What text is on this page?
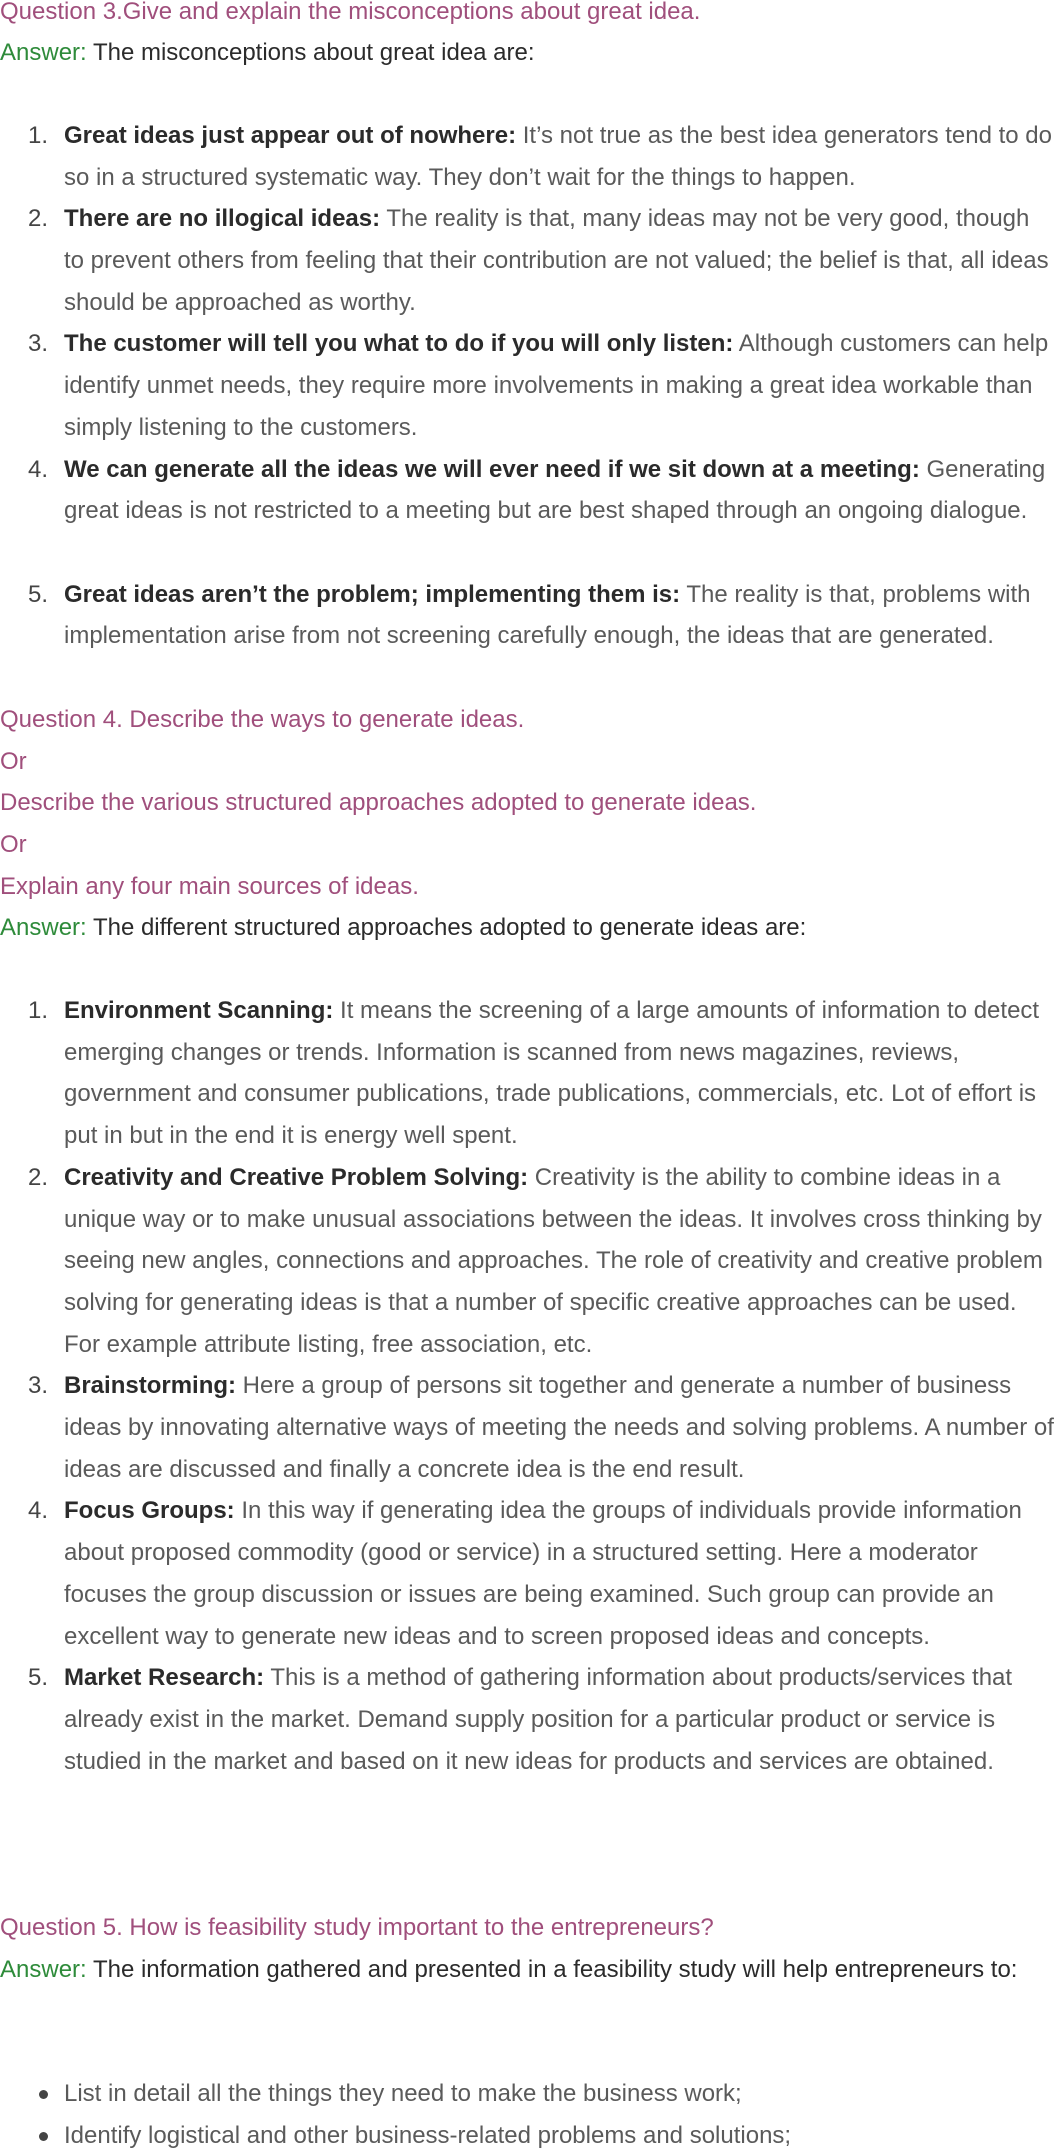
Question 3.Give and explain the misconceptions about great idea.
Answer: The misconceptions about great idea are:
1. Great ideas just appear out of nowhere: It’s not true as the best idea generators tend to do so in a structured systematic way. They don’t wait for the things to happen.
2. There are no illogical ideas: The reality is that, many ideas may not be very good, though to prevent others from feeling that their contribution are not valued; the belief is that, all ideas should be approached as worthy.
3. The customer will tell you what to do if you will only listen: Although customers can help identify unmet needs, they require more involvements in making a great idea workable than simply listening to the customers.
4. We can generate all the ideas we will ever need if we sit down at a meeting: Generating great ideas is not restricted to a meeting but are best shaped through an ongoing dialogue.
5. Great ideas aren’t the problem; implementing them is: The reality is that, problems with implementation arise from not screening carefully enough, the ideas that are generated.
Question 4. Describe the ways to generate ideas.
Or
Describe the various structured approaches adopted to generate ideas.
Or
Explain any four main sources of ideas.
Answer: The different structured approaches adopted to generate ideas are:
1. Environment Scanning: It means the screening of a large amounts of information to detect emerging changes or trends. Information is scanned from news magazines, reviews, government and consumer publications, trade publications, commercials, etc. Lot of effort is put in but in the end it is energy well spent.
2. Creativity and Creative Problem Solving: Creativity is the ability to combine ideas in a unique way or to make unusual associations between the ideas. It involves cross thinking by seeing new angles, connections and approaches. The role of creativity and creative problem solving for generating ideas is that a number of specific creative approaches can be used. For example attribute listing, free association, etc.
3. Brainstorming: Here a group of persons sit together and generate a number of business ideas by innovating alternative ways of meeting the needs and solving problems. A number of ideas are discussed and finally a concrete idea is the end result.
4. Focus Groups: In this way if generating idea the groups of individuals provide information about proposed commodity (good or service) in a structured setting. Here a moderator focuses the group discussion or issues are being examined. Such group can provide an excellent way to generate new ideas and to screen proposed ideas and concepts.
5. Market Research: This is a method of gathering information about products/services that already exist in the market. Demand supply position for a particular product or service is studied in the market and based on it new ideas for products and services are obtained.
Question 5. How is feasibility study important to the entrepreneurs?
Answer: The information gathered and presented in a feasibility study will help entrepreneurs to:
List in detail all the things they need to make the business work;
Identify logistical and other business-related problems and solutions;
